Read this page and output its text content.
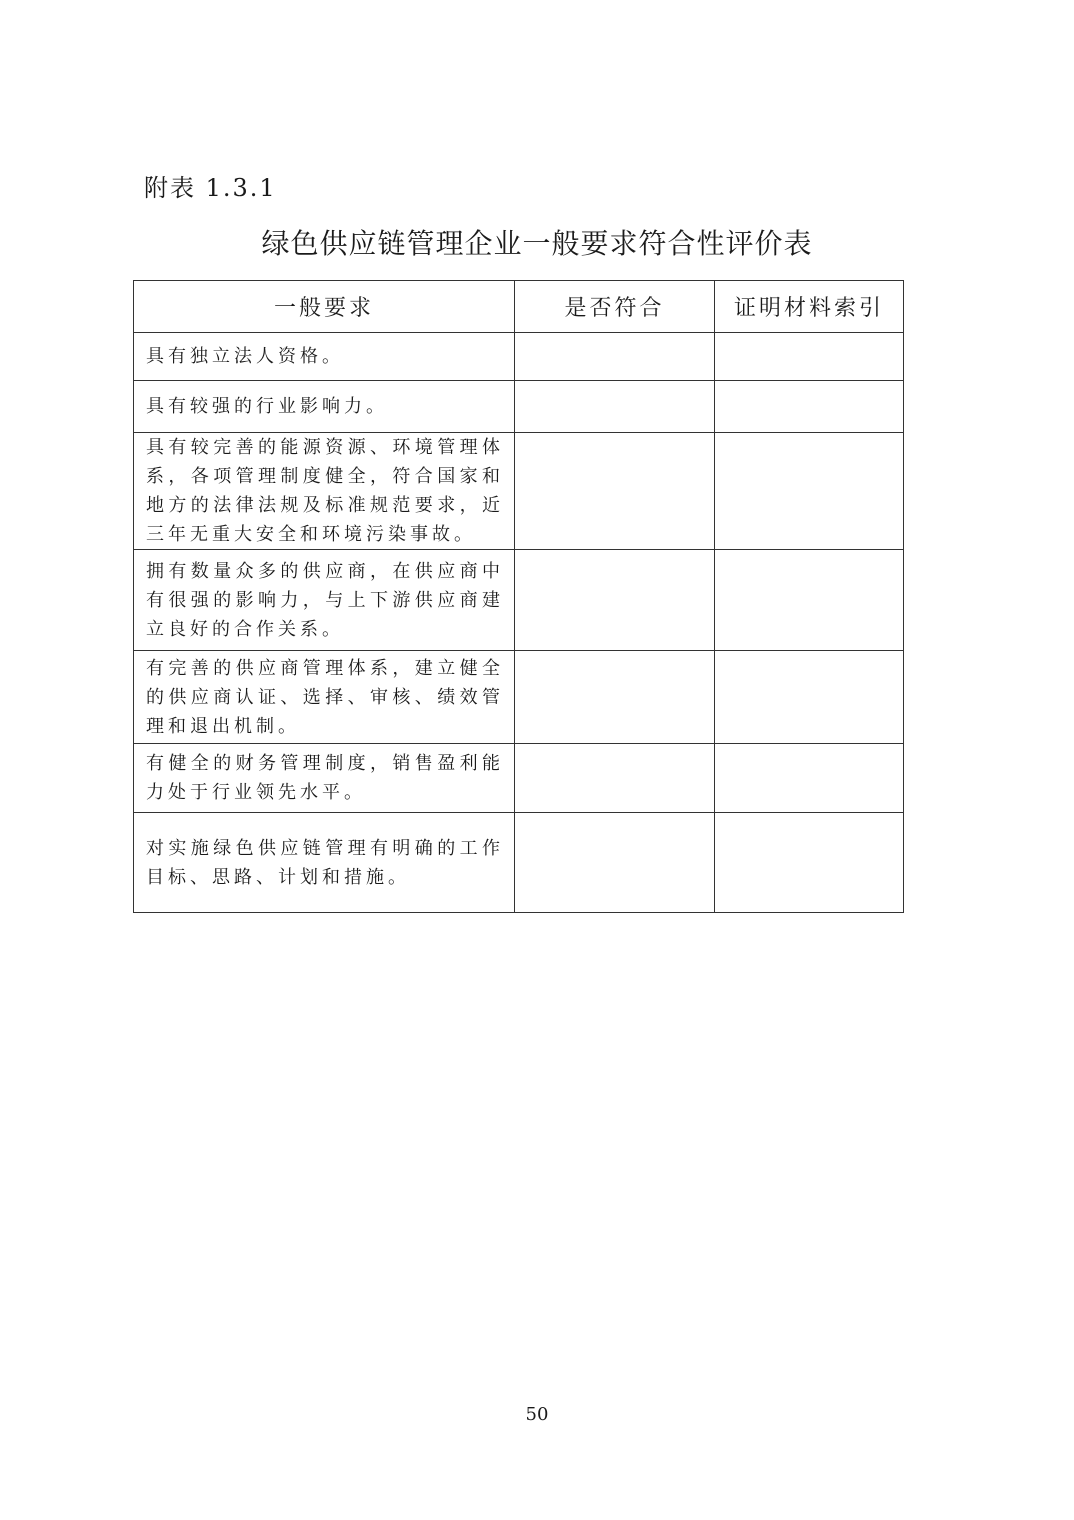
附表 1.3.1
绿色供应链管理企业一般要求符合性评价表
一般要求	是否符合	证明材料索引
具有独立法人资格。		
具有较强的行业影响力。		
具有较完善的能源资源、环境管理体系，各项管理制度健全，符合国家和地方的法律法规及标准规范要求，近三年无重大安全和环境污染事故。		
拥有数量众多的供应商，在供应商中有很强的影响力，与上下游供应商建立良好的合作关系。		
有完善的供应商管理体系，建立健全的供应商认证、选择、审核、绩效管理和退出机制。		
有健全的财务管理制度，销售盈利能力处于行业领先水平。		
对实施绿色供应链管理有明确的工作目标、思路、计划和措施。		
50
